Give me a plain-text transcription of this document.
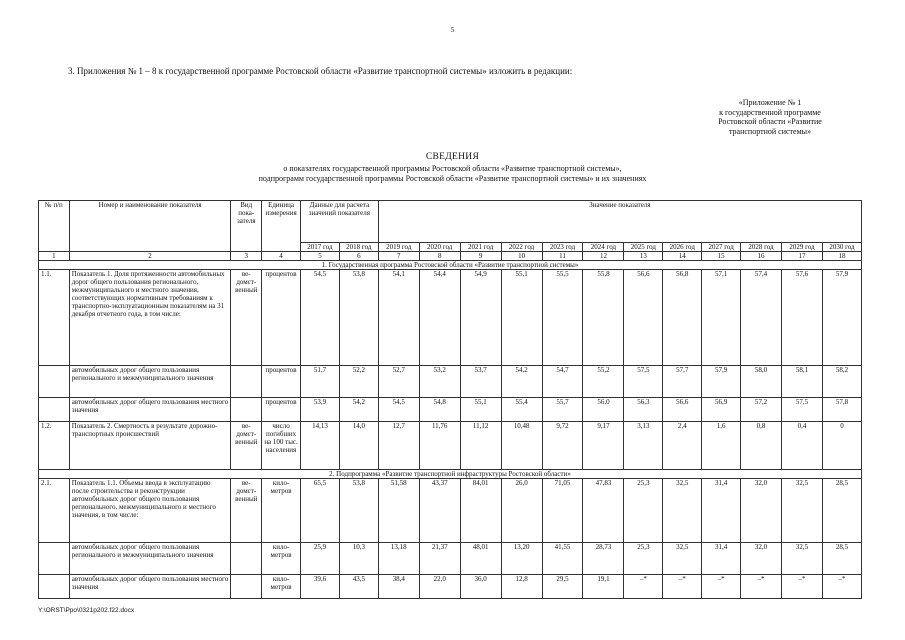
5
3. Приложения № 1 – 8 к государственной программе Ростовской области «Развитие транспортной системы» изложить в редакции:
«Приложение № 1
к государственной программе
Ростовской области «Развитие
транспортной системы»
СВЕДЕНИЯ
о показателях государственной программы Ростовской области «Развитие транспортной системы»,
подпрограмм государственной программы Ростовской области «Развитие транспортной системы» и их значениях
№ п/п	Номер и наименование показателя	Вид пока-зателя	Единица измерения	Данные для расчета значений показателя		Значение показателя											
				2017 год	2018 год	2019 год	2020 год	2021 год	2022 год	2023 год	2024 год	2025 год	2026 год	2027 год	2028 год	2029 год	2030 год
1	2	3	4	5	6	7	8	9	10	11	12	13	14	15	16	17	18
1. Государственная программа Ростовской области «Развитие транспортной системы»																	
1.1.	Показатель 1. Доля протяженности автомобильных дорог общего пользования регионального, межмуниципального и местного значения, соответствующих нормативным требованиям к транспортно-эксплуатационным показателям на 31 декабря отчетного года, в том числе:	ве-домст-венный	процентов	54,5	53,8	54,1	54,4	54,9	55,1	55,5	55,8	56,6	56,8	57,1	57,4	57,6	57,9
	автомобильных дорог общего пользования регионального и межмуниципального значения		процентов	51,7	52,2	52,7	53,2	53,7	54,2	54,7	55,2	57,5	57,7	57,9	58,0	58,1	58,2
	автомобильных дорог общего пользования местного значения		процентов	53,9	54,2	54,5	54,8	55,1	55,4	55,7	56,0	56,3	56,6	56,9	57,2	57,5	57,8
1.2.	Показатель 2. Смертность в результате дорожно-транспортных происшествий	ве-домст-венный	число погибших на 100 тыс. населения	14,13	14,0	12,7	11,76	11,12	10,48	9,72	9,17	3,13	2,4	1,6	0,8	0,4	0
2. Подпрограмма «Развитие транспортной инфраструктуры Ростовской области»																	
2.1.	Показатель 1.1. Объемы ввода в эксплуатацию после строительства и реконструкции автомобильных дорог общего пользования регионального, межмуниципального и местного значения, в том числе:	ве-домст-венный	кило-метров	65,5	53,8	51,58	43,37	84,01	26,0	71,05	47,83	25,3	32,5	31,4	32,0	32,5	28,5
	автомобильных дорог общего пользования регионального и межмуниципального значения		кило-метров	25,9	10,3	13,18	21,37	48,01	13,20	41,55	28,73	25,3	32,5	31,4	32,0	32,5	28,5
	автомобильных дорог общего пользования местного значения		кило-метров	39,6	43,5	38,4	22,0	36,0	12,8	29,5	19,1	–*	–*	–*	–*	–*	–*
Y:\ORST\Ppo\0321p202.f22.docx
